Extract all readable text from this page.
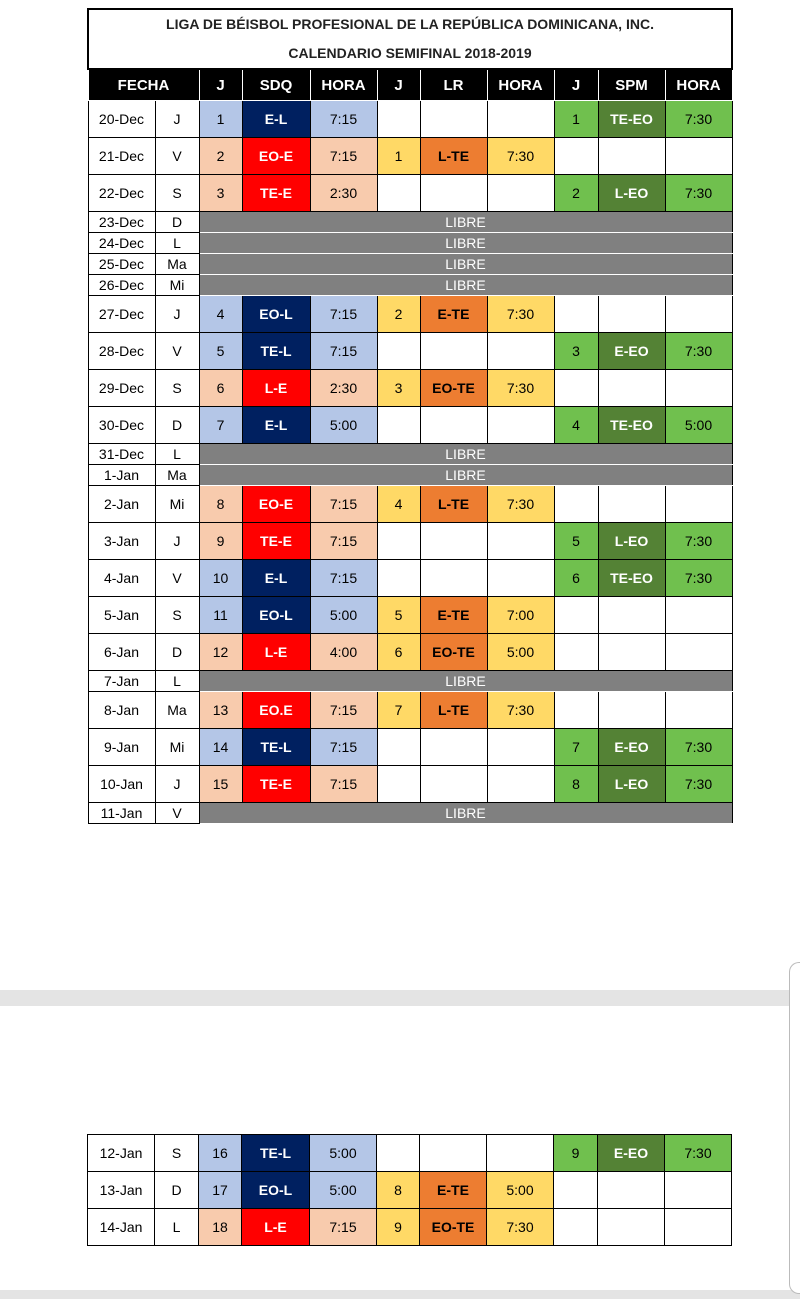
LIGA DE BÉISBOL PROFESIONAL DE LA REPÚBLICA DOMINICANA, INC.										
CALENDARIO SEMIFINAL 2018-2019										
FECHA		J	SDQ	HORA	J	LR	HORA	J	SPM	HORA
20-Dec	J	1	E-L	7:15				1	TE-EO	7:30
21-Dec	V	2	EO-E	7:15	1	L-TE	7:30			
22-Dec	S	3	TE-E	2:30				2	L-EO	7:30
23-Dec	D	LIBRE								
24-Dec	L	LIBRE								
25-Dec	Ma	LIBRE								
26-Dec	Mi	LIBRE								
27-Dec	J	4	EO-L	7:15	2	E-TE	7:30			
28-Dec	V	5	TE-L	7:15				3	E-EO	7:30
29-Dec	S	6	L-E	2:30	3	EO-TE	7:30			
30-Dec	D	7	E-L	5:00				4	TE-EO	5:00
31-Dec	L	LIBRE								
1-Jan	Ma	LIBRE								
2-Jan	Mi	8	EO-E	7:15	4	L-TE	7:30			
3-Jan	J	9	TE-E	7:15				5	L-EO	7:30
4-Jan	V	10	E-L	7:15				6	TE-EO	7:30
5-Jan	S	11	EO-L	5:00	5	E-TE	7:00			
6-Jan	D	12	L-E	4:00	6	EO-TE	5:00			
7-Jan	L	LIBRE								
8-Jan	Ma	13	EO.E	7:15	7	L-TE	7:30			
9-Jan	Mi	14	TE-L	7:15				7	E-EO	7:30
10-Jan	J	15	TE-E	7:15				8	L-EO	7:30
11-Jan	V	LIBRE								
12-Jan	S	16	TE-L	5:00				9	E-EO	7:30
13-Jan	D	17	EO-L	5:00	8	E-TE	5:00			
14-Jan	L	18	L-E	7:15	9	EO-TE	7:30			
